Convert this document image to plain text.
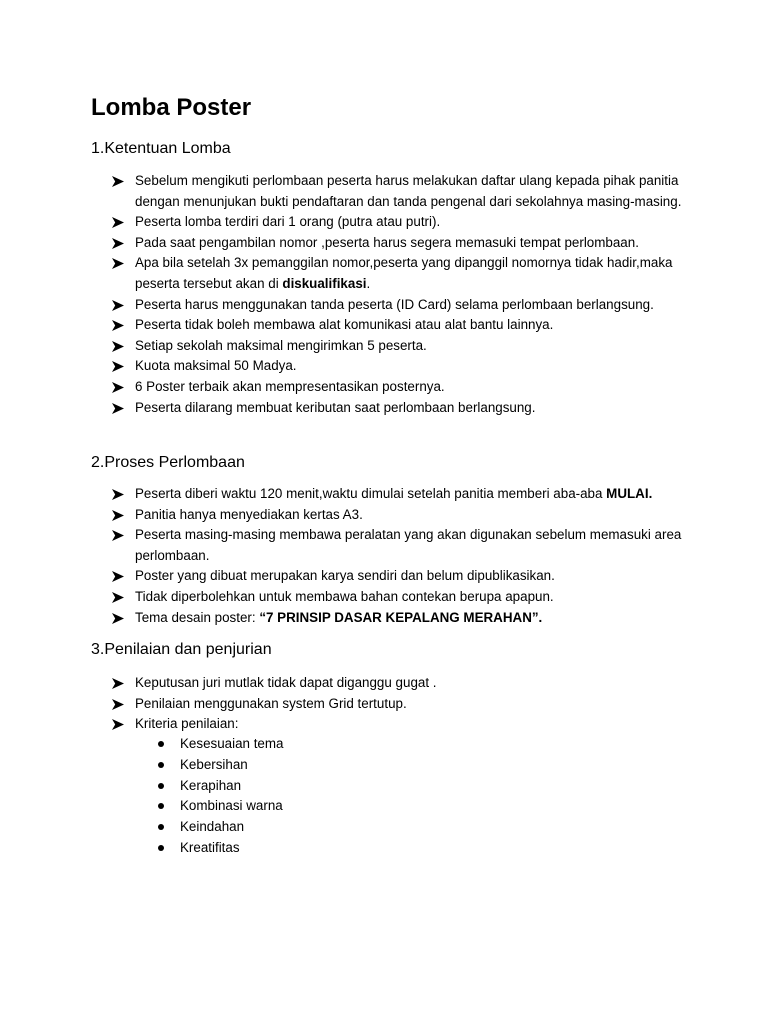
Lomba Poster
1.Ketentuan Lomba
Sebelum mengikuti perlombaan peserta harus melakukan daftar ulang kepada pihak panitia dengan menunjukan bukti pendaftaran dan tanda pengenal dari sekolahnya masing-masing.
Peserta lomba terdiri dari 1 orang (putra atau putri).
Pada saat pengambilan nomor ,peserta harus segera memasuki tempat perlombaan.
Apa bila setelah 3x pemanggilan nomor,peserta yang dipanggil nomornya tidak hadir,maka peserta tersebut akan di diskualifikasi.
Peserta harus menggunakan tanda peserta (ID Card) selama perlombaan berlangsung.
Peserta tidak boleh membawa alat komunikasi atau alat bantu lainnya.
Setiap sekolah maksimal mengirimkan 5 peserta.
Kuota maksimal 50 Madya.
6 Poster terbaik akan mempresentasikan posternya.
Peserta dilarang membuat keributan saat perlombaan berlangsung.
2.Proses Perlombaan
Peserta diberi waktu 120 menit,waktu dimulai setelah panitia memberi aba-aba MULAI.
Panitia hanya menyediakan kertas A3.
Peserta masing-masing membawa peralatan yang akan digunakan sebelum memasuki area perlombaan.
Poster yang dibuat merupakan karya sendiri dan belum dipublikasikan.
Tidak diperbolehkan untuk membawa bahan contekan berupa apapun.
Tema desain poster: “7 PRINSIP DASAR KEPALANG MERAHAN”.
3.Penilaian dan penjurian
Keputusan juri mutlak tidak dapat diganggu gugat .
Penilaian menggunakan system Grid tertutup.
Kriteria penilaian:
Kesesuaian tema
Kebersihan
Kerapihan
Kombinasi warna
Keindahan
Kreatifitas
